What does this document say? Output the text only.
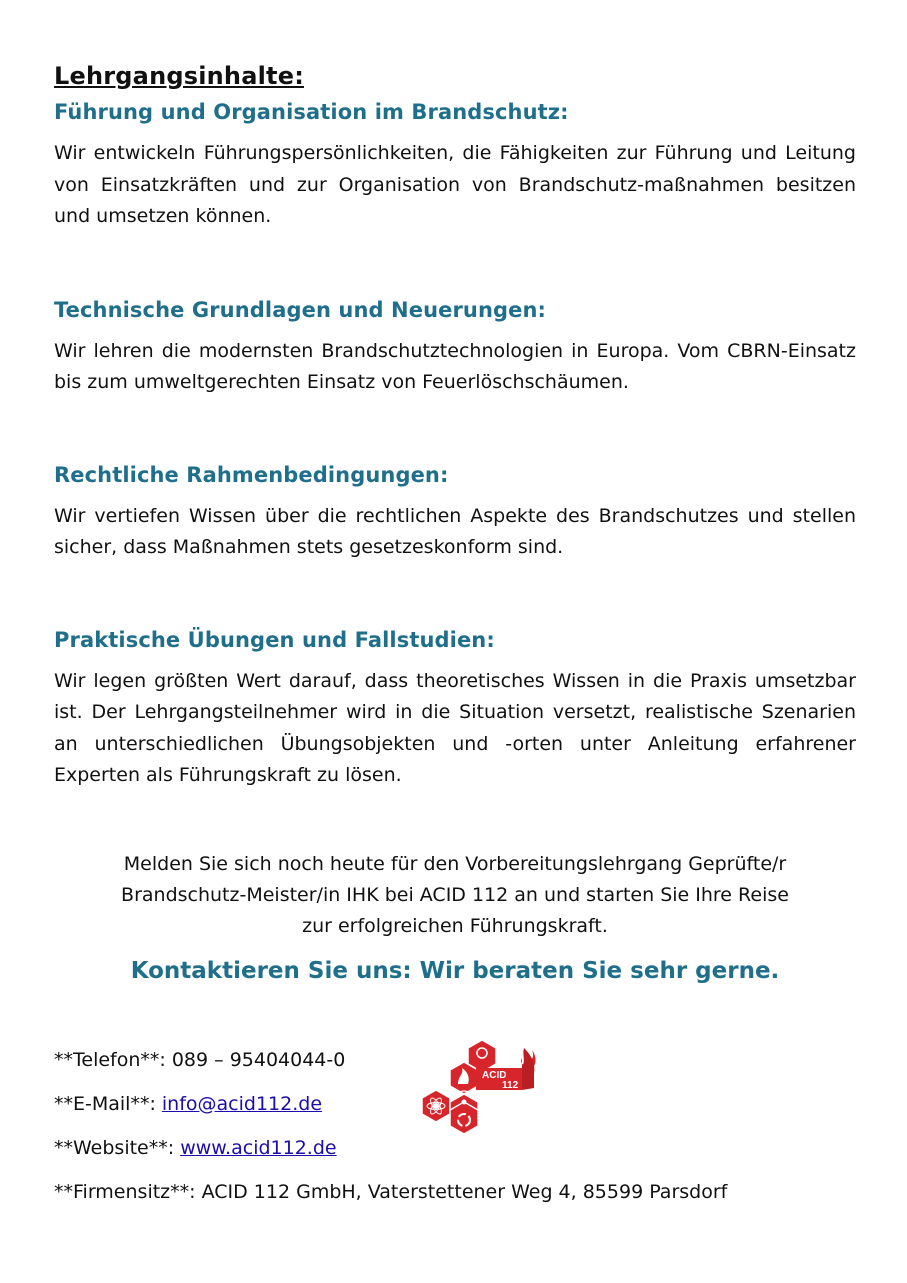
Lehrgangsinhalte:
Führung und Organisation im Brandschutz:

Wir entwickeln Führungspersönlichkeiten, die Fähigkeiten zur Führung und Leitung von Einsatzkräften und zur Organisation von Brandschutz-maßnahmen besitzen und umsetzen können.

Technische Grundlagen und Neuerungen:

Wir lehren die modernsten Brandschutztechnologien in Europa. Vom CBRN-Einsatz bis zum umweltgerechten Einsatz von Feuerlöschschäumen.

Rechtliche Rahmenbedingungen:

Wir vertiefen Wissen über die rechtlichen Aspekte des Brandschutzes und stellen sicher, dass Maßnahmen stets gesetzeskonform sind.

Praktische Übungen und Fallstudien:

Wir legen größten Wert darauf, dass theoretisches Wissen in die Praxis umsetzbar ist. Der Lehrgangsteilnehmer wird in die Situation versetzt, realistische Szenarien an unterschiedlichen Übungsobjekten und -orten unter Anleitung erfahrener Experten als Führungskraft zu lösen.

Melden Sie sich noch heute für den Vorbereitungslehrgang Geprüfte/r
Brandschutz-Meister/in IHK bei ACID 112 an und starten Sie Ihre Reise
zur erfolgreichen Führungskraft.
Kontaktieren Sie uns: Wir beraten Sie sehr gerne.
**Telefon**: 089 – 95404044-0
**E-Mail**: info@acid112.de
**Website**: www.acid112.de
**Firmensitz**: ACID 112 GmbH, Vaterstettener Weg 4, 85599 Parsdorf
ACID
112
